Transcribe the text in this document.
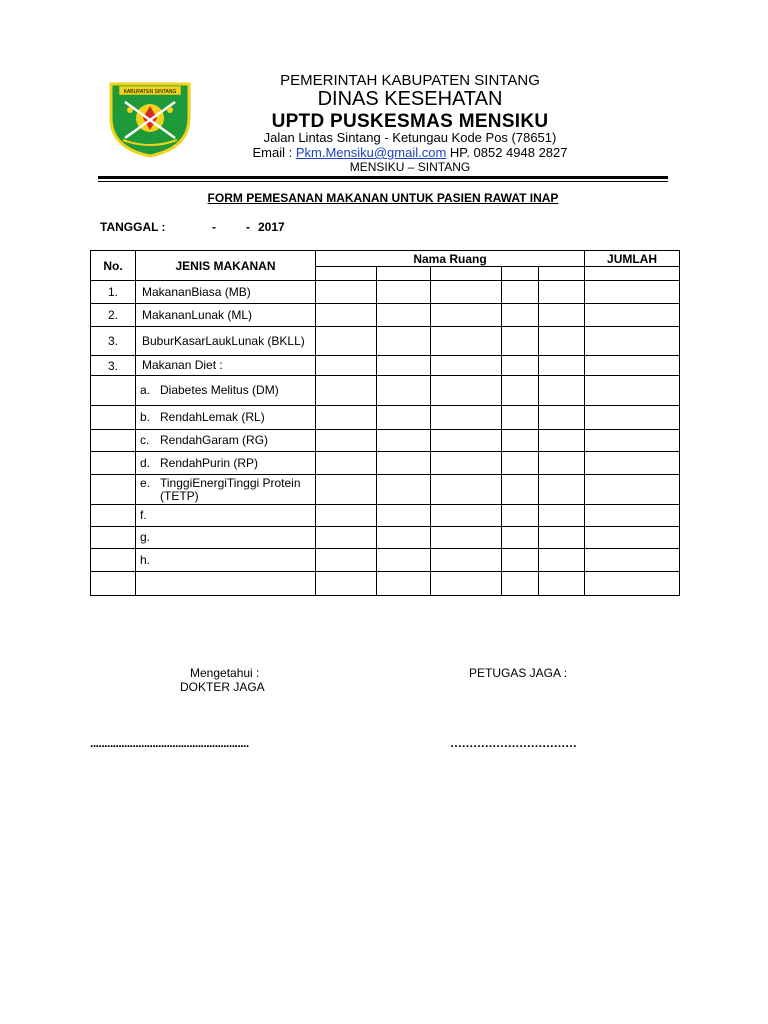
KABUPATEN SINTANG
PEMERINTAH KABUPATEN SINTANG
DINAS KESEHATAN
UPTD PUSKESMAS MENSIKU
Jalan Lintas Sintang - Ketungau Kode Pos (78651)
Email : Pkm.Mensiku@gmail.com HP. 0852 4948 2827
MENSIKU – SINTANG
FORM PEMESANAN MAKANAN UNTUK PASIEN RAWAT INAP
TANGGAL :	-	- 2017
No.	JENIS MAKANAN	Nama Ruang					JUMLAH

1.	MakananBiasa (MB)						
2.	MakananLunak (ML)						
3.	BuburKasarLaukLunak (BKLL)						
3.	Makanan Diet :						

	a. Diabetes Melitus (DM)						

	b. RendahLemak (RL)						

	c. RendahGaram (RG)						

	d. RendahPurin (RP)						

	e. TinggiEnergiTinggi Protein (TETP)						

	f.						

	g.						

	h.						

Mengetahui :
DOKTER JAGA
PETUGAS JAGA :
........................................................	……………………………
